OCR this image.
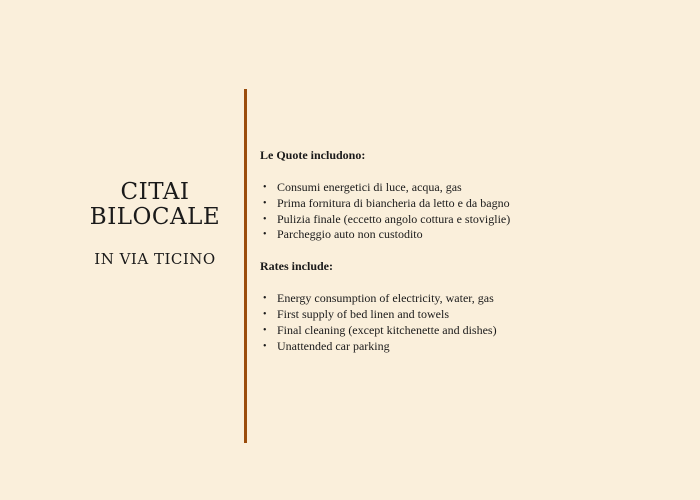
CITAI
BILOCALE
IN VIA TICINO

Le Quote includono:

• Consumi energetici di luce, acqua, gas
• Prima fornitura di biancheria da letto e da bagno
• Pulizia finale (eccetto angolo cottura e stoviglie)
• Parcheggio auto non custodito

Rates include:

• Energy consumption of electricity, water, gas
• First supply of bed linen and towels
• Final cleaning (except kitchenette and dishes)
• Unattended car parking
